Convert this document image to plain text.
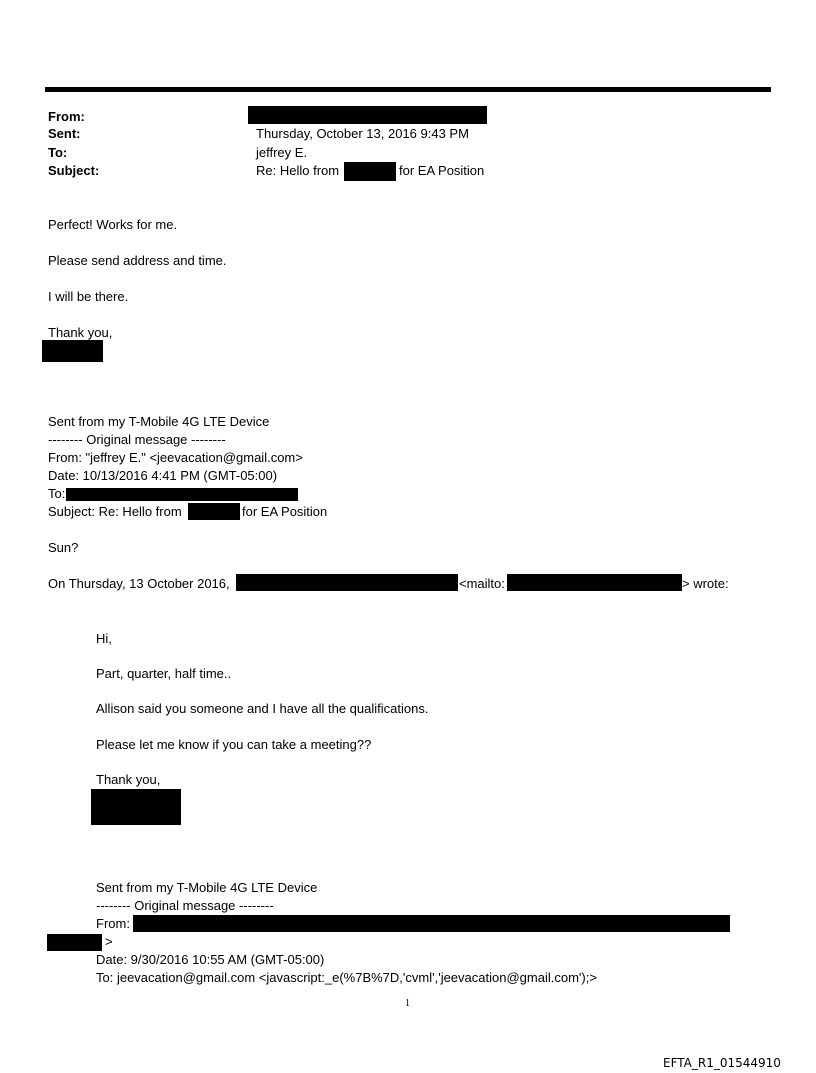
From:
Sent:	Thursday, October 13, 2016 9:43 PM
To:	jeffrey E.
Subject:	Re: Hello from	for EA Position
Perfect! Works for me.
Please send address and time.
I will be there.
Thank you,
Sent from my T-Mobile 4G LTE Device
-------- Original message --------
From: "jeffrey E." <jeevacation@gmail.com>
Date: 10/13/2016 4:41 PM (GMT-05:00)
To:
Subject: Re: Hello from	for EA Position
Sun?
On Thursday, 13 October 2016,	<mailto:	> wrote:
Hi,
Part, quarter, half time..
Allison said you someone and I have all the qualifications.
Please let me know if you can take a meeting??
Thank you,
Sent from my T-Mobile 4G LTE Device
-------- Original message --------
From:
>
Date: 9/30/2016 10:55 AM (GMT-05:00)
To: jeevacation@gmail.com <javascript:_e(%7B%7D,'cvml','jeevacation@gmail.com');>
1
EFTA_R1_01544910
